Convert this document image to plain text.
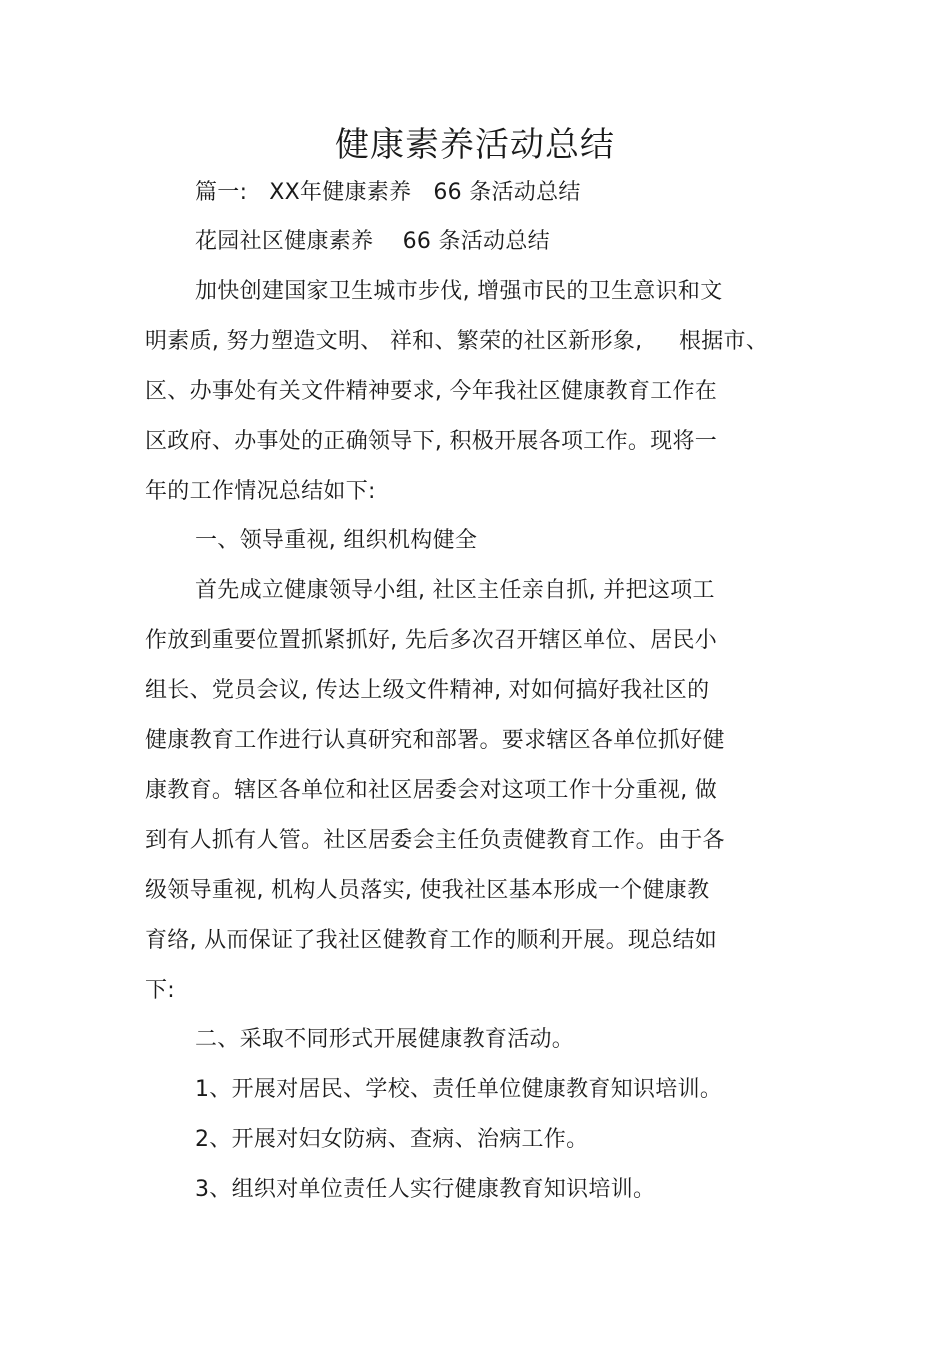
健康素养活动总结
篇一:   XX年健康素养   66 条活动总结
花园社区健康素养    66 条活动总结
加快创建国家卫生城市步伐, 增强市民的卫生意识和文
明素质, 努力塑造文明、 祥和、繁荣的社区新形象,     根据市、
区、办事处有关文件精神要求, 今年我社区健康教育工作在
区政府、办事处的正确领导下, 积极开展各项工作。现将一
年的工作情况总结如下:
一、领导重视, 组织机构健全
首先成立健康领导小组, 社区主任亲自抓, 并把这项工
作放到重要位置抓紧抓好, 先后多次召开辖区单位、居民小
组长、党员会议, 传达上级文件精神, 对如何搞好我社区的
健康教育工作进行认真研究和部署。要求辖区各单位抓好健
康教育。辖区各单位和社区居委会对这项工作十分重视, 做
到有人抓有人管。社区居委会主任负责健教育工作。由于各
级领导重视, 机构人员落实, 使我社区基本形成一个健康教
育络, 从而保证了我社区健教育工作的顺利开展。现总结如
下:
二、采取不同形式开展健康教育活动。
1、开展对居民、学校、责任单位健康教育知识培训。
2、开展对妇女防病、查病、治病工作。
3、组织对单位责任人实行健康教育知识培训。
